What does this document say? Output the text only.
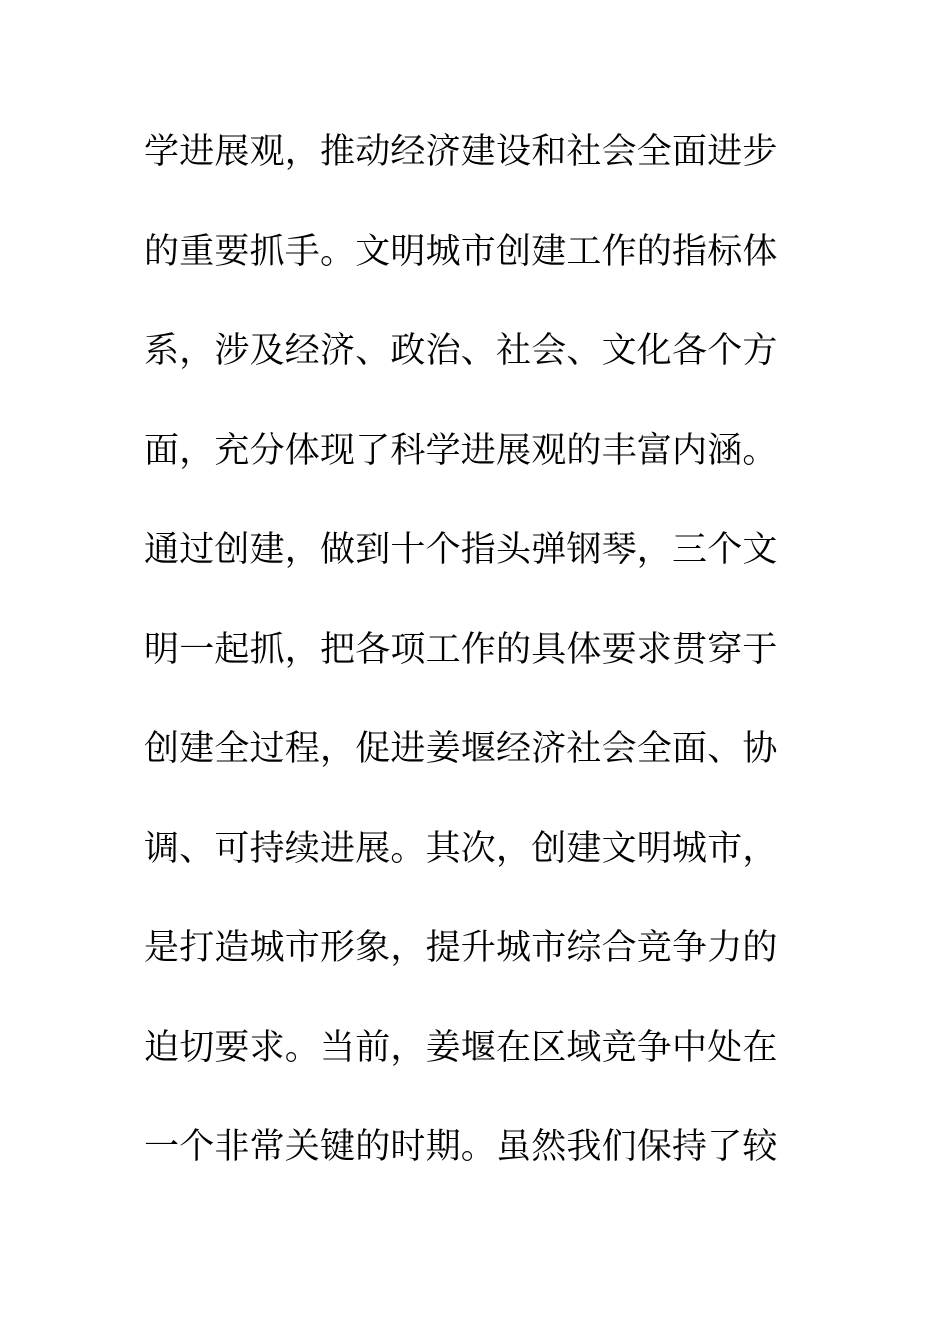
学进展观，推动经济建设和社会全面进步
的重要抓手。文明城市创建工作的指标体
系，涉及经济、政治、社会、文化各个方
面，充分体现了科学进展观的丰富内涵。
通过创建，做到十个指头弹钢琴，三个文
明一起抓，把各项工作的具体要求贯穿于
创建全过程，促进姜堰经济社会全面、协
调、可持续进展。其次，创建文明城市，
是打造城市形象，提升城市综合竞争力的
迫切要求。当前，姜堰在区域竞争中处在
一个非常关键的时期。虽然我们保持了较
